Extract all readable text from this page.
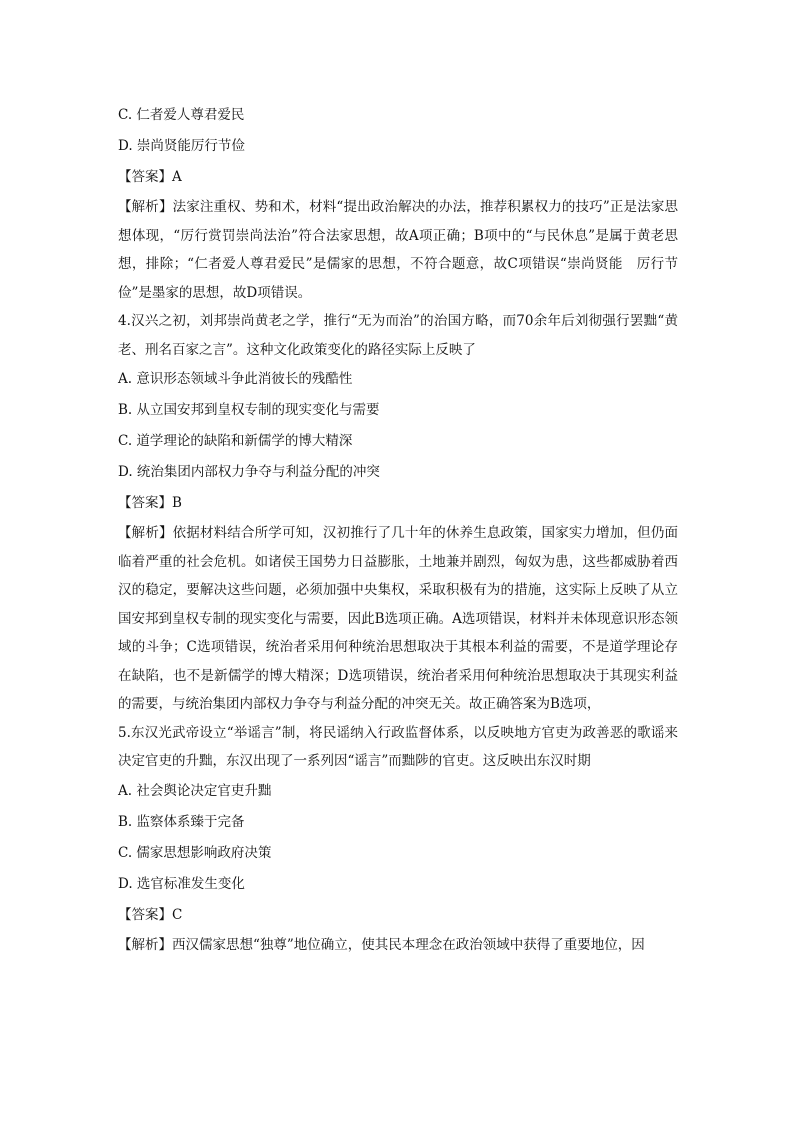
C. 仁者爱人尊君爱民

D. 崇尚贤能厉行节俭

【答案】A

【解析】法家注重权、势和术，材料“提出政治解决的办法，推荐积累权力的技巧”正是法家思想体现，“厉行赏罚崇尚法治”符合法家思想，故A项正确；B项中的“与民休息”是属于黄老思想，排除；“仁者爱人尊君爱民”是儒家的思想，不符合题意，故C项错误“崇尚贤能　厉行节俭”是墨家的思想，故D项错误。

4.汉兴之初，刘邦崇尚黄老之学，推行“无为而治”的治国方略，而70余年后刘彻强行罢黜“黄老、刑名百家之言”。这种文化政策变化的路径实际上反映了

A. 意识形态领域斗争此消彼长的残酷性

B. 从立国安邦到皇权专制的现实变化与需要

C. 道学理论的缺陷和新儒学的博大精深

D. 统治集团内部权力争夺与利益分配的冲突

【答案】B

【解析】依据材料结合所学可知，汉初推行了几十年的休养生息政策，国家实力增加，但仍面临着严重的社会危机。如诸侯王国势力日益膨胀，土地兼并剧烈，匈奴为患，这些都威胁着西汉的稳定，要解决这些问题，必须加强中央集权，采取积极有为的措施，这实际上反映了从立国安邦到皇权专制的现实变化与需要，因此B选项正确。A选项错误，材料并未体现意识形态领域的斗争；C选项错误，统治者采用何种统治思想取决于其根本利益的需要，不是道学理论存在缺陷，也不是新儒学的博大精深；D选项错误，统治者采用何种统治思想取决于其现实利益的需要，与统治集团内部权力争夺与利益分配的冲突无关。故正确答案为B选项，

5.东汉光武帝设立“举谣言”制，将民谣纳入行政监督体系，以反映地方官吏为政善恶的歌谣来决定官吏的升黜，东汉出现了一系列因“谣言”而黜陟的官吏。这反映出东汉时期

A. 社会舆论决定官吏升黜

B. 监察体系臻于完备

C. 儒家思想影响政府决策

D. 选官标准发生变化

【答案】C

【解析】西汉儒家思想“独尊”地位确立，使其民本理念在政治领域中获得了重要地位，因
